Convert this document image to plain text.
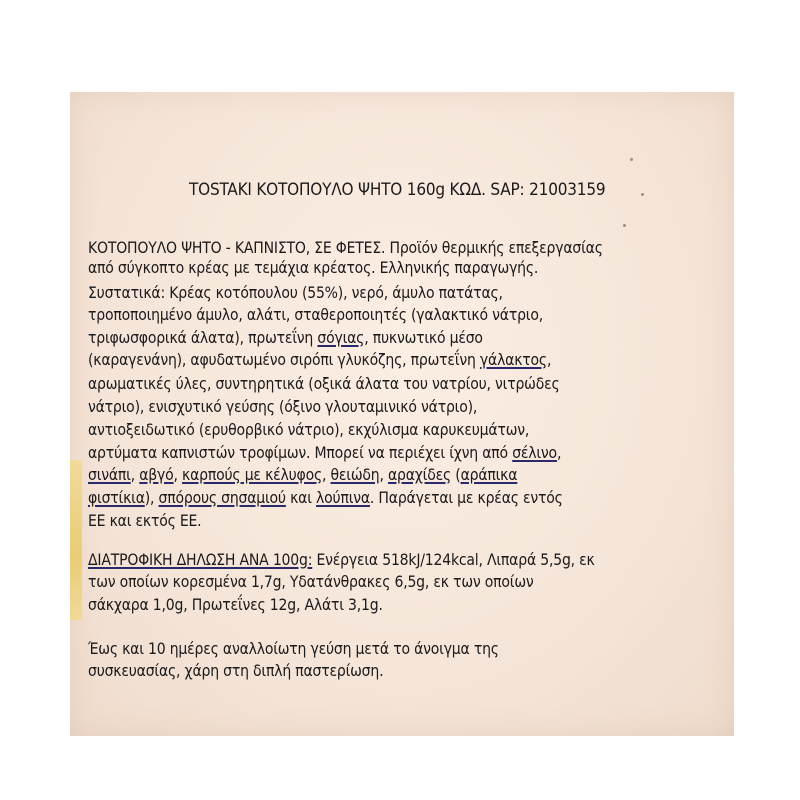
TOSTAKI ΚΟΤΟΠΟΥΛΟ ΨΗΤΟ 160g ΚΩΔ. SAP: 21003159
ΚΟΤΟΠΟΥΛΟ ΨΗΤΟ - ΚΑΠΝΙΣΤΟ, ΣΕ ΦΕΤΕΣ. Προϊόν θερμικής επεξεργασίας
από σύγκοπτο κρέας με τεμάχια κρέατος. Ελληνικής παραγωγής.
Συστατικά: Κρέας κοτόπουλου (55%), νερό, άμυλο πατάτας,
τροποποιημένο άμυλο, αλάτι, σταθεροποιητές (γαλακτικό νάτριο,
τριφωσφορικά άλατα), πρωτεΐνη σόγιας, πυκνωτικό μέσο
(καραγενάνη), αφυδατωμένο σιρόπι γλυκόζης, πρωτεΐνη γάλακτος,
αρωματικές ύλες, συντηρητικά (οξικά άλατα του νατρίου, νιτρώδες
νάτριο), ενισχυτικό γεύσης (όξινο γλουταμινικό νάτριο),
αντιοξειδωτικό (ερυθορβικό νάτριο), εκχύλισμα καρυκευμάτων,
αρτύματα καπνιστών τροφίμων. Μπορεί να περιέχει ίχνη από σέλινο,
σινάπι, αβγό, καρπούς με κέλυφος, θειώδη, αραχίδες (αράπικα
φιστίκια), σπόρους σησαμιού και λούπινα. Παράγεται με κρέας εντός
ΕΕ και εκτός ΕΕ.
ΔΙΑΤΡΟΦΙΚΗ ΔΗΛΩΣΗ ΑΝΑ 100g: Ενέργεια 518kJ/124kcal, Λιπαρά 5,5g, εκ
των οποίων κορεσμένα 1,7g, Υδατάνθρακες 6,5g, εκ των οποίων
σάκχαρα 1,0g, Πρωτεΐνες 12g, Αλάτι 3,1g.
Έως και 10 ημέρες αναλλοίωτη γεύση μετά το άνοιγμα της
συσκευασίας, χάρη στη διπλή παστερίωση.
